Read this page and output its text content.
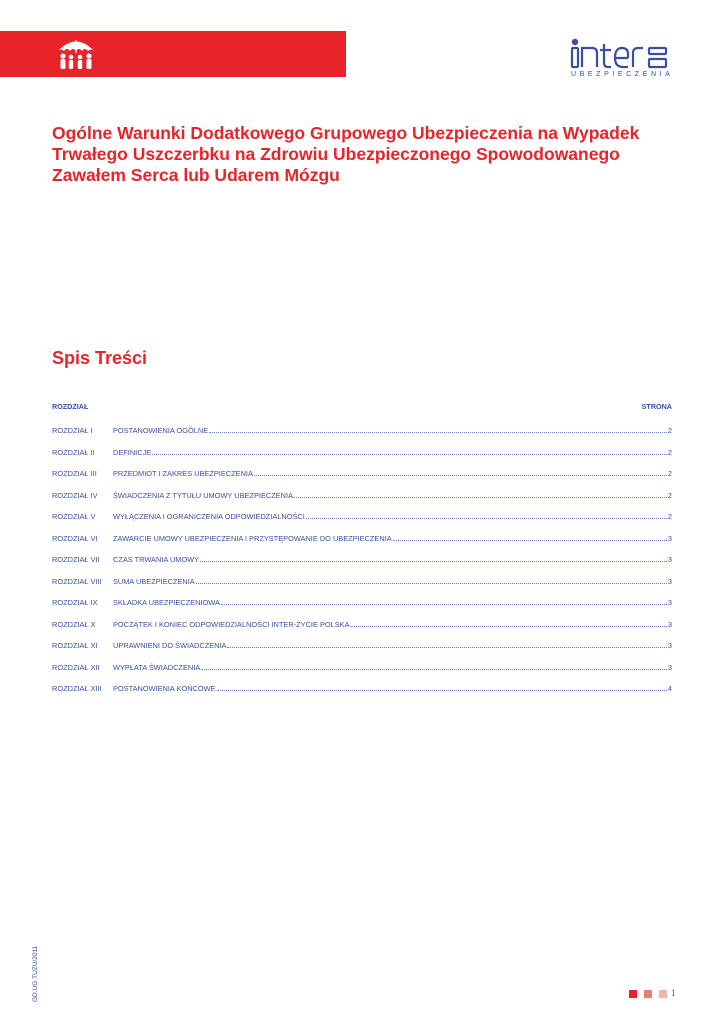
UBEZPIECZENIA
Ogólne Warunki Dodatkowego Grupowego Ubezpieczenia na Wypadek Trwałego Uszczerbku na Zdrowiu Ubezpieczonego Spowodowanego Zawałem Serca lub Udarem Mózgu
Spis Treści
ROZDZIAŁ	STRONA
ROZDZIAŁ I	POSTANOWIENIA OGÓLNE	2
ROZDZIAŁ II	DEFINICJE	2
ROZDZIAŁ III	PRZEDMIOT I ZAKRES UBEZPIECZENIA	2
ROZDZIAŁ IV	ŚWIADCZENIA Z TYTUŁU UMOWY UBEZPIECZENIA	2
ROZDZIAŁ V	WYŁĄCZENIA I OGRANICZENIA ODPOWIEDZIALNOŚCI	2
ROZDZIAŁ VI	ZAWARCIE UMOWY UBEZPIECZENIA I PRZYSTĘPOWANIE DO UBEZPIECZENIA	3
ROZDZIAŁ VII	CZAS TRWANIA UMOWY	3
ROZDZIAŁ VIII	SUMA UBEZPIECZENIA	3
ROZDZIAŁ IX	SKŁADKA UBEZPIECZENIOWA	3
ROZDZIAŁ X	POCZĄTEK I KONIEC ODPOWIEDZIALNOŚCI INTER-ŻYCIE POLSKA	3
ROZDZIAŁ XI	UPRAWNIENI DO ŚWIADCZENIA	3
ROZDZIAŁ XII	WYPŁATA ŚWIADCZENIA	3
ROZDZIAŁ XIII	POSTANOWIENIA KOŃCOWE	4
GD.UG.TUZU/2011	1
